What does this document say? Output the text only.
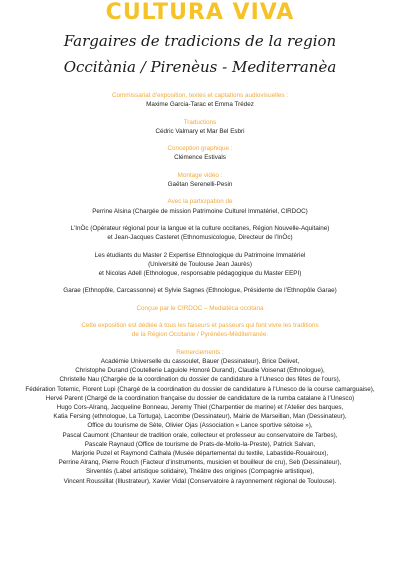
CULTURA VIVA
Fargaires de tradicions de la region
Occitània / Pirenèus - Mediterranèa
Commissariat d’exposition, textes et captations audiovisuelles :
Maxime Garcia-Tarac et Emma Trédez
Traductions
Cédric Valmary et Mar Bel Esbri
Conception graphique :
Clémence Estivals
Montage vidéo :
Gaëtan Serenelli-Pesin
Avec la participation de
Perrine Alsina (Chargée de mission Patrimoine Culturel Immatériel, CIRDOC)
L’InÒc (Opérateur régional pour la langue et la culture occitanes, Région Nouvelle-Aquitaine)
et Jean-Jacques Casteret (Ethnomusicologue, Directeur de l’InÒc)
Les étudiants du Master 2 Expertise Ethnologique du Patrimoine Immatériel
(Université de Toulouse Jean Jaurès)
et Nicolas Adell (Ethnologue, responsable pédagogique du Master EEPI)
Garae (Ethnopôle, Carcassonne) et Sylvie Sagnes (Ethnologue, Présidente de l’Ethnopôle Garae)
Conçue par le CIRDOC – Mediatèca occitana
Cette exposition est dédiée à tous les faiseurs et passeurs qui font vivre les traditions
de la Région Occitanie / Pyrénées-Méditerranée.
Remerciements :
Académie Universelle du cassoulet, Bauer (Dessinateur), Brice Delivet,
Christophe Durand (Coutellerie Laguiole Honoré Durand), Claudie Voisenat (Ethnologue),
Christelle Nau (Chargée de la coordination du dossier de candidature à l’Unesco des fêtes de l’ours),
Fédération Totemic, Florent Lupi (Chargé de la coordination du dossier de candidature à l’Unesco de la course camarguaise),
Hervé Parent (Chargé de la coordination française du dossier de candidature de la rumba catalane à l’Unesco)
Hugo Cors-Alranq, Jacqueline Bonneau, Jeremy Thiel (Charpentier de marine) et l’Atelier des barques,
Katia Fersing (ethnologue, La Tortuga), Lacombe (Dessinateur), Mairie de Marseillan, Man (Dessinateur),
Office du tourisme de Sète, Olivier Ojas (Association « Lance sportive sétoise »),
Pascal Caumont (Chanteur de tradition orale, collecteur et professeur au conservatoire de Tarbes),
Pascale Raynaud (Office de tourisme de Prats-de-Mollo-la-Preste), Patrick Salvan,
Marjorie Puzel et Raymond Cathala (Musée départemental du textile, Labastide-Rouairoux),
Perrine Alranq, Pierre Rouch (Facteur d’instruments, musicien et bouilleur de cru), Seb (Dessinateur),
Sirventés (Label artistique solidaire), Théâtre des origines (Compagnie artistique),
Vincent Roussillat (Illustrateur), Xavier Vidal (Conservatoire à rayonnement régional de Toulouse).
